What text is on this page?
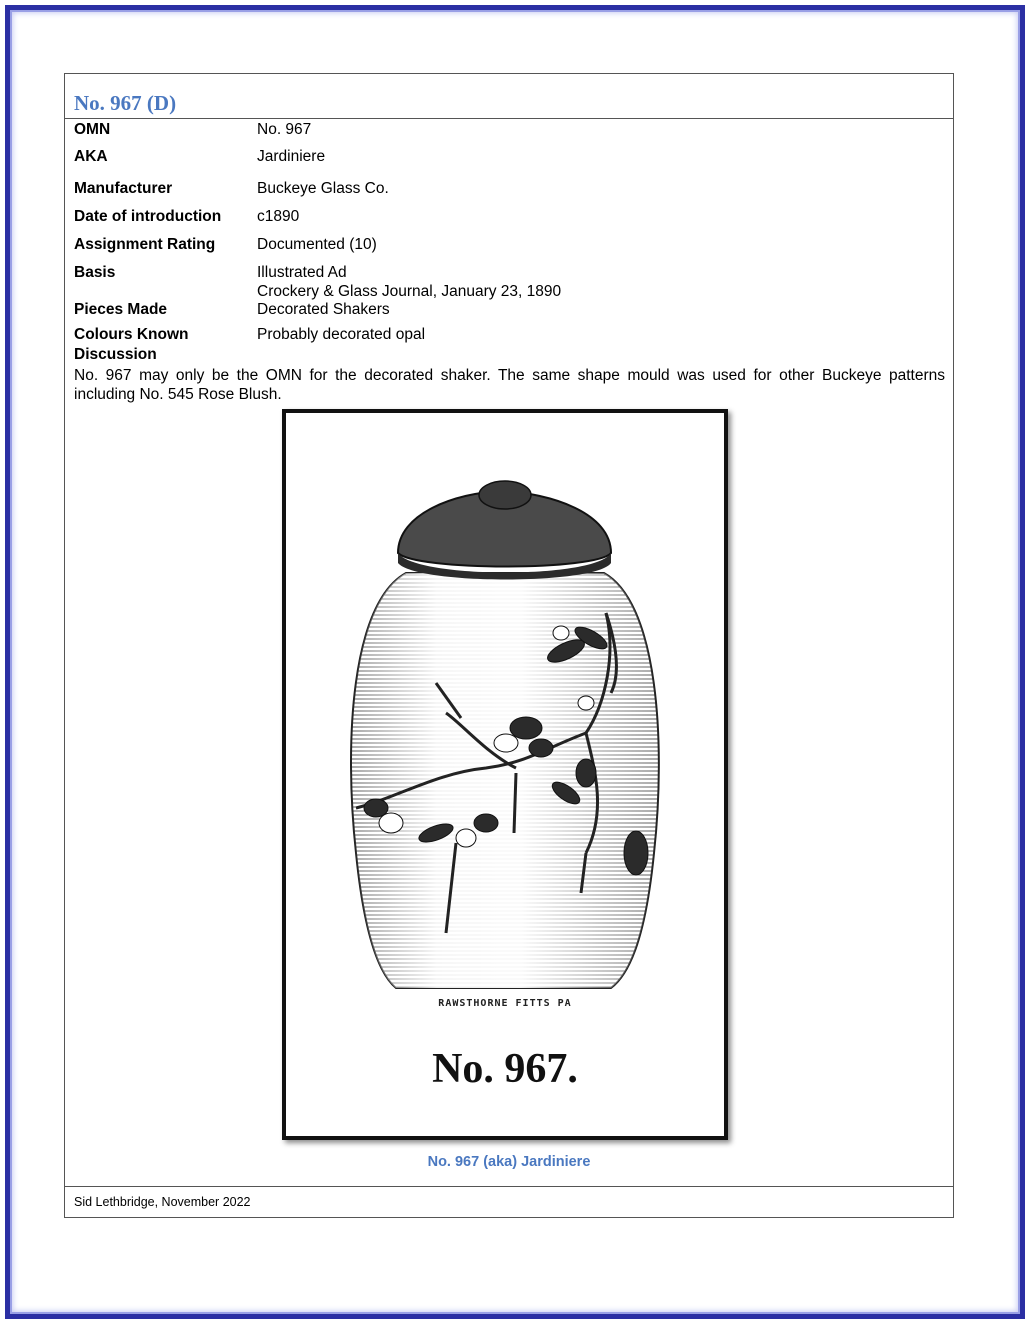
No. 967 (D)
OMN	No. 967
AKA	Jardiniere
Manufacturer	Buckeye Glass Co.
Date of introduction	c1890
Assignment Rating	Documented (10)
Basis	Illustrated Ad
Crockery & Glass Journal, January 23, 1890
Pieces Made	Decorated Shakers
Colours Known	Probably decorated opal
Discussion
No. 967 may only be the OMN for the decorated shaker. The same shape mould was used for other Buckeye patterns including No. 545 Rose Blush.
RAWSTHORNE FITTS PA
No. 967.
No. 967 (aka) Jardiniere
Sid Lethbridge, November 2022
